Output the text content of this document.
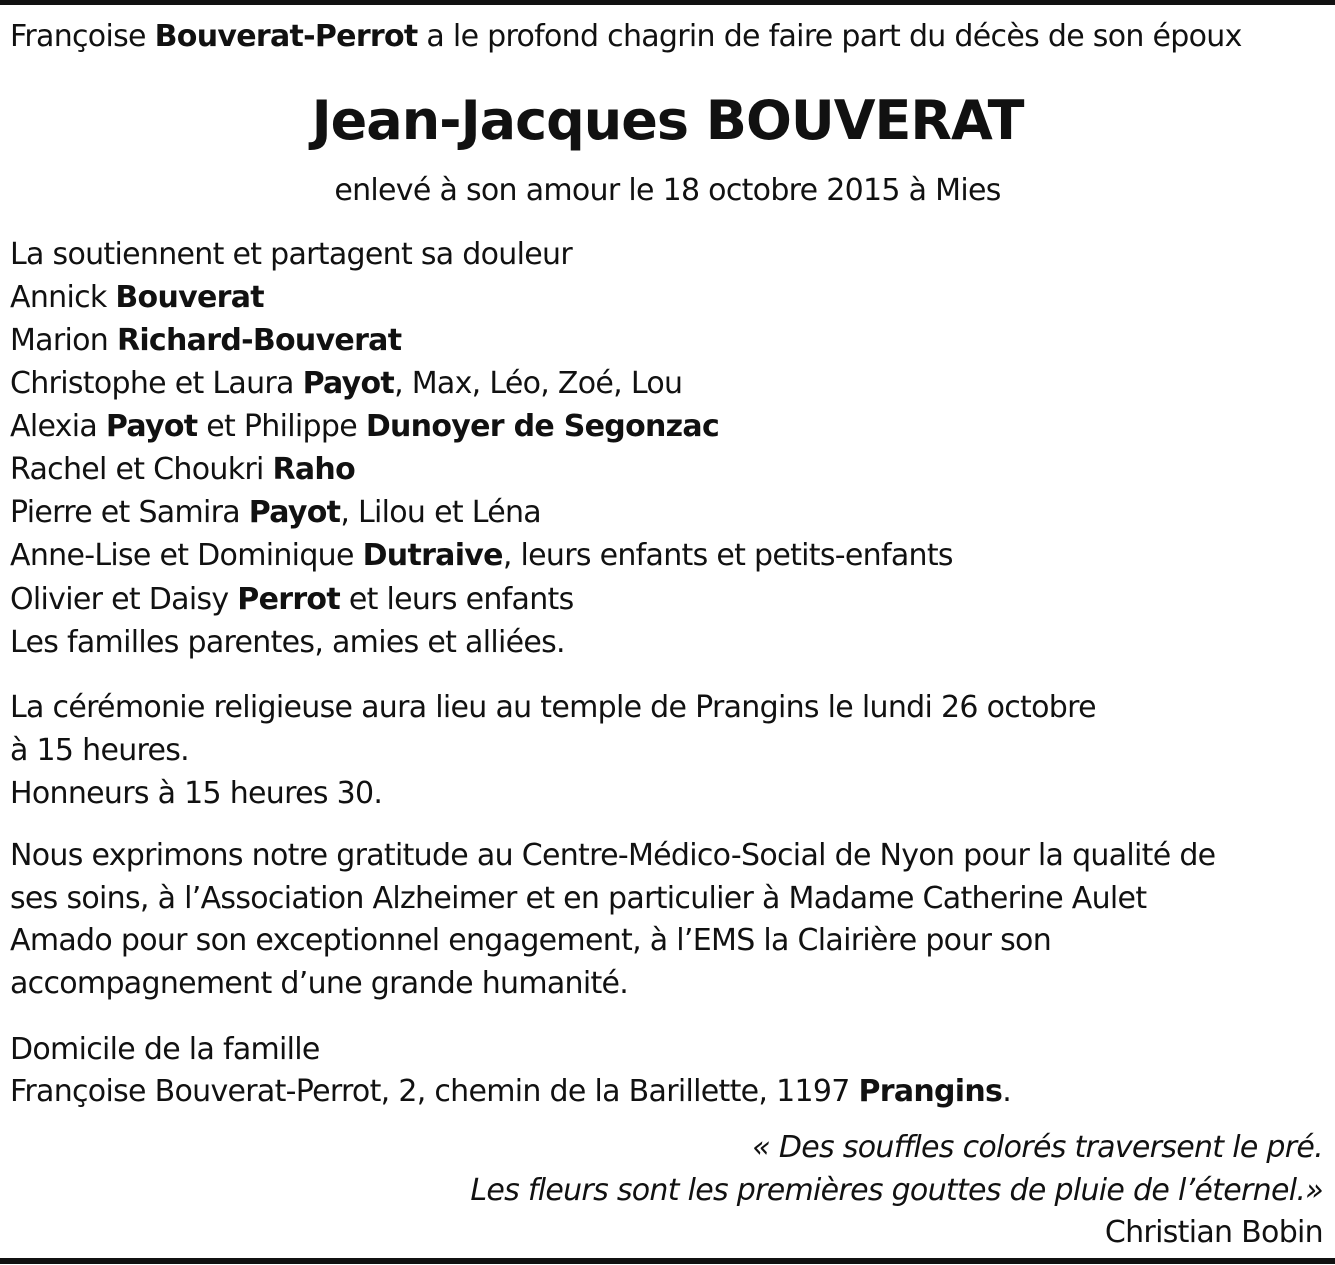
Françoise Bouverat-Perrot a le profond chagrin de faire part du décès de son époux
Jean-Jacques BOUVERAT
enlevé à son amour le 18 octobre 2015 à Mies
La soutiennent et partagent sa douleur
Annick Bouverat
Marion Richard-Bouverat
Christophe et Laura Payot, Max, Léo, Zoé, Lou
Alexia Payot et Philippe Dunoyer de Segonzac
Rachel et Choukri Raho
Pierre et Samira Payot, Lilou et Léna
Anne-Lise et Dominique Dutraive, leurs enfants et petits-enfants
Olivier et Daisy Perrot et leurs enfants
Les familles parentes, amies et alliées.
La cérémonie religieuse aura lieu au temple de Prangins le lundi 26 octobre
à 15 heures.
Honneurs à 15 heures 30.
Nous exprimons notre gratitude au Centre-Médico-Social de Nyon pour la qualité de
ses soins, à l’Association Alzheimer et en particulier à Madame Catherine Aulet
Amado pour son exceptionnel engagement, à l’EMS la Clairière pour son
accompagnement d’une grande humanité.
Domicile de la famille
Françoise Bouverat-Perrot, 2, chemin de la Barillette, 1197 Prangins.
« Des souffles colorés traversent le pré.
Les fleurs sont les premières gouttes de pluie de l’éternel.»
Christian Bobin
